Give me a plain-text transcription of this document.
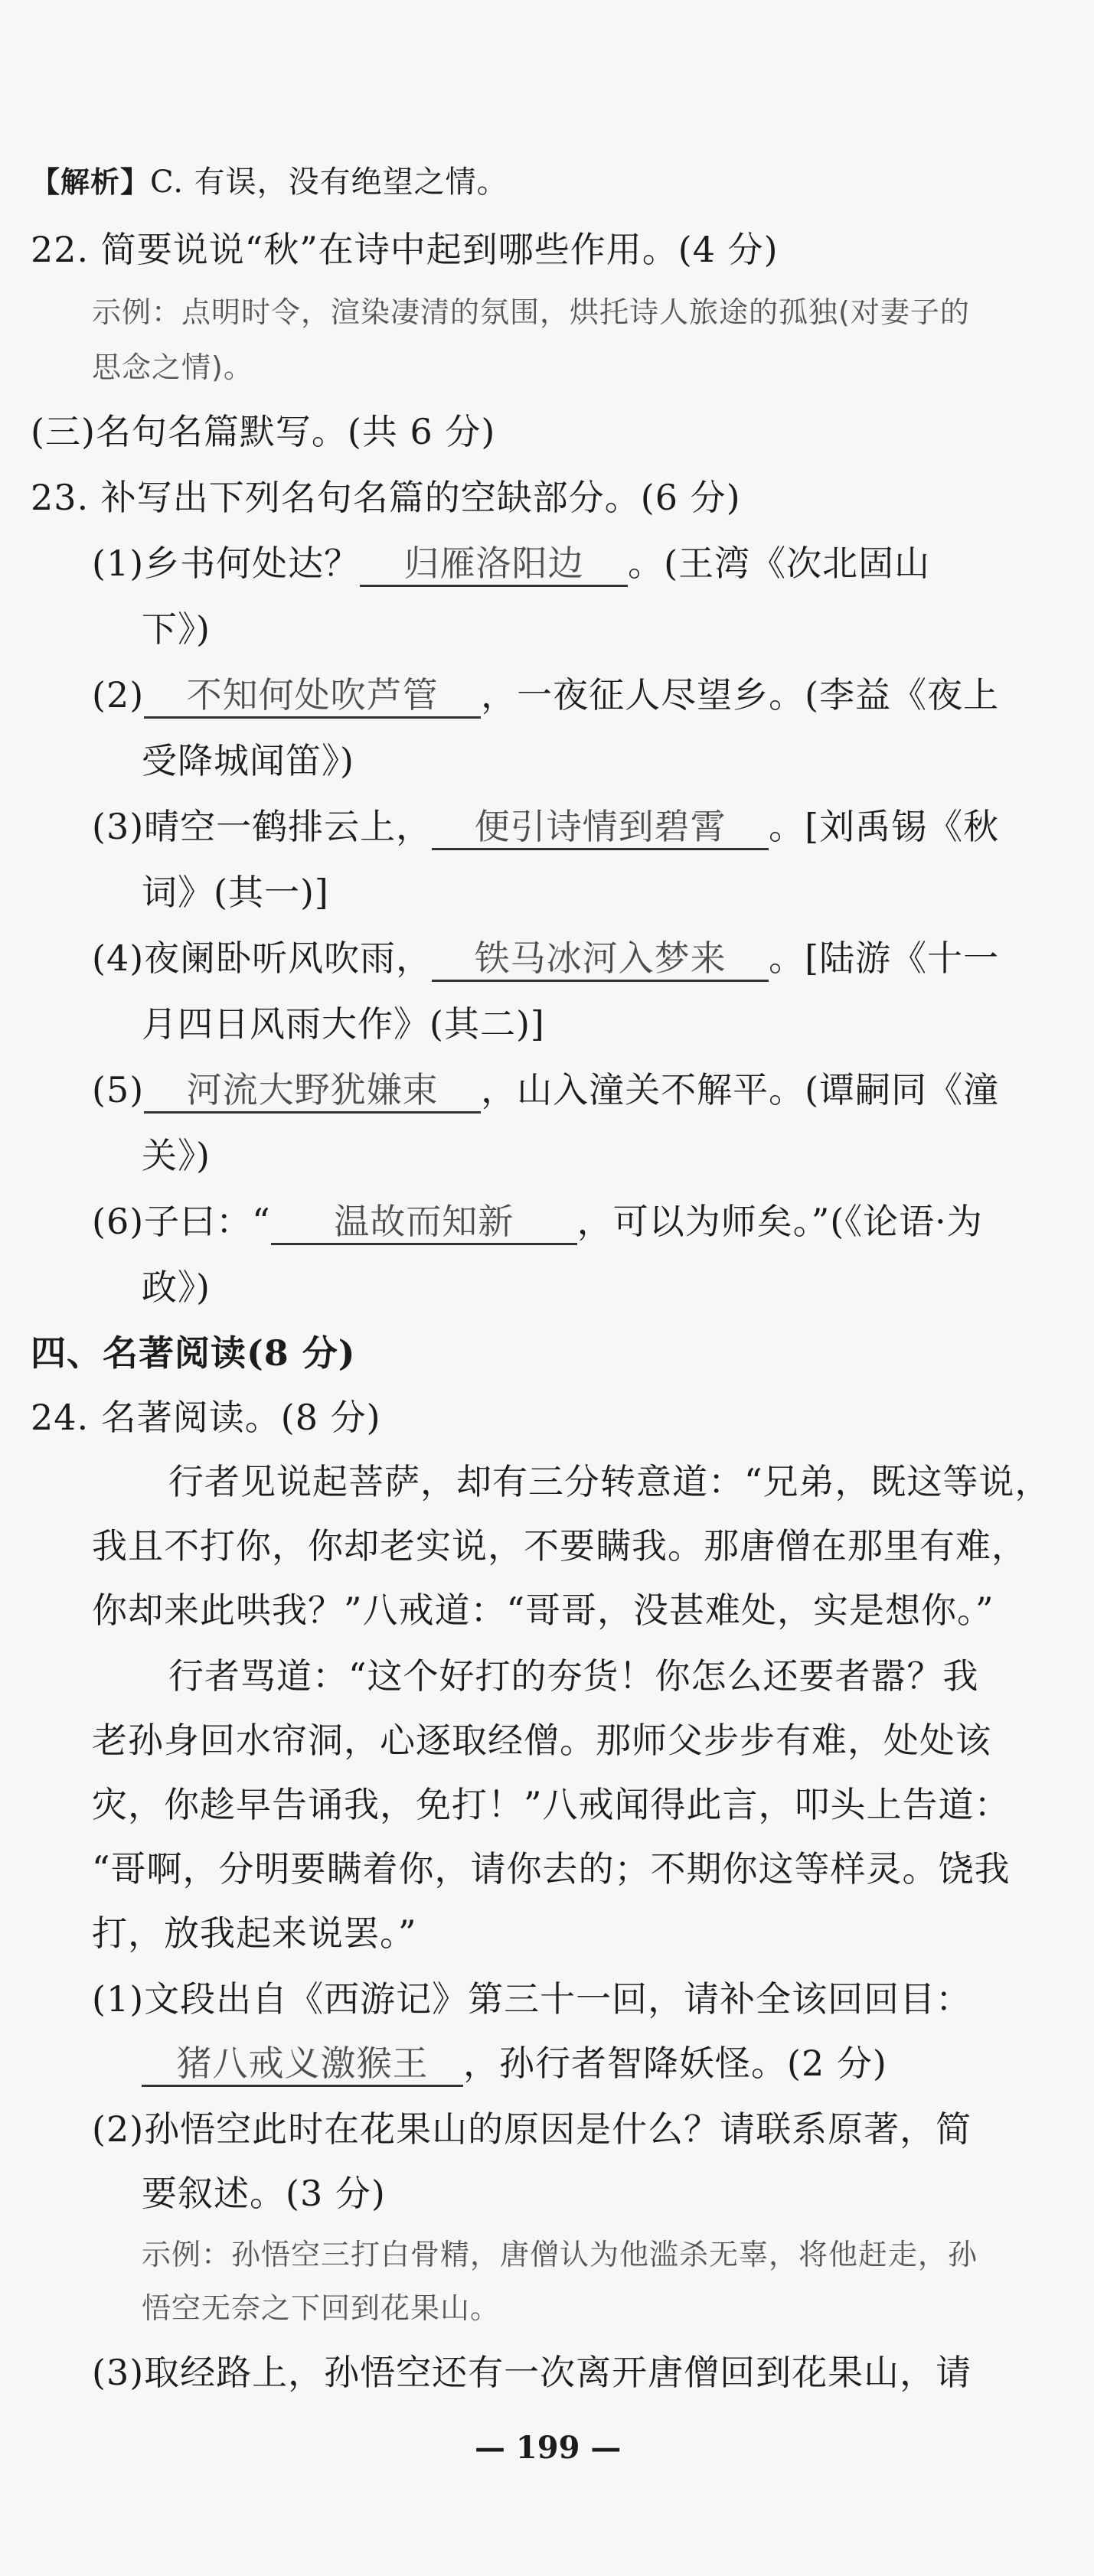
【解析】C. 有误，没有绝望之情。
22. 简要说说“秋”在诗中起到哪些作用。(4 分)
示例：点明时令，渲染凄清的氛围，烘托诗人旅途的孤独(对妻子的
思念之情)。
(三)名句名篇默写。(共 6 分)
23. 补写出下列名句名篇的空缺部分。(6 分)
(1)乡书何处达？ 归雁洛阳边 。(王湾《次北固山
下》)
(2) 不知何处吹芦管 ，一夜征人尽望乡。(李益《夜上
受降城闻笛》)
(3)晴空一鹤排云上， 便引诗情到碧霄 。[刘禹锡《秋
词》(其一)]
(4)夜阑卧听风吹雨， 铁马冰河入梦来 。[陆游《十一
月四日风雨大作》(其二)]
(5) 河流大野犹嫌束 ，山入潼关不解平。(谭嗣同《潼
关》)
(6)子曰：“ 温故而知新 ，可以为师矣。”(《论语·为
政》)
四、名著阅读(8 分)
24. 名著阅读。(8 分)
行者见说起菩萨，却有三分转意道：“兄弟，既这等说，
我且不打你，你却老实说，不要瞒我。那唐僧在那里有难，
你却来此哄我？”八戒道：“哥哥，没甚难处，实是想你。”
行者骂道：“这个好打的夯货！你怎么还要者嚣？我
老孙身回水帘洞，心逐取经僧。那师父步步有难，处处该
灾，你趁早告诵我，免打！”八戒闻得此言，叩头上告道：
“哥啊，分明要瞒着你，请你去的；不期你这等样灵。饶我
打，放我起来说罢。”
(1)文段出自《西游记》第三十一回，请补全该回回目：
猪八戒义激猴王 ，孙行者智降妖怪。(2 分)
(2)孙悟空此时在花果山的原因是什么？请联系原著，简
要叙述。(3 分)
示例：孙悟空三打白骨精，唐僧认为他滥杀无辜，将他赶走，孙
悟空无奈之下回到花果山。
(3)取经路上，孙悟空还有一次离开唐僧回到花果山，请
— 199 —
